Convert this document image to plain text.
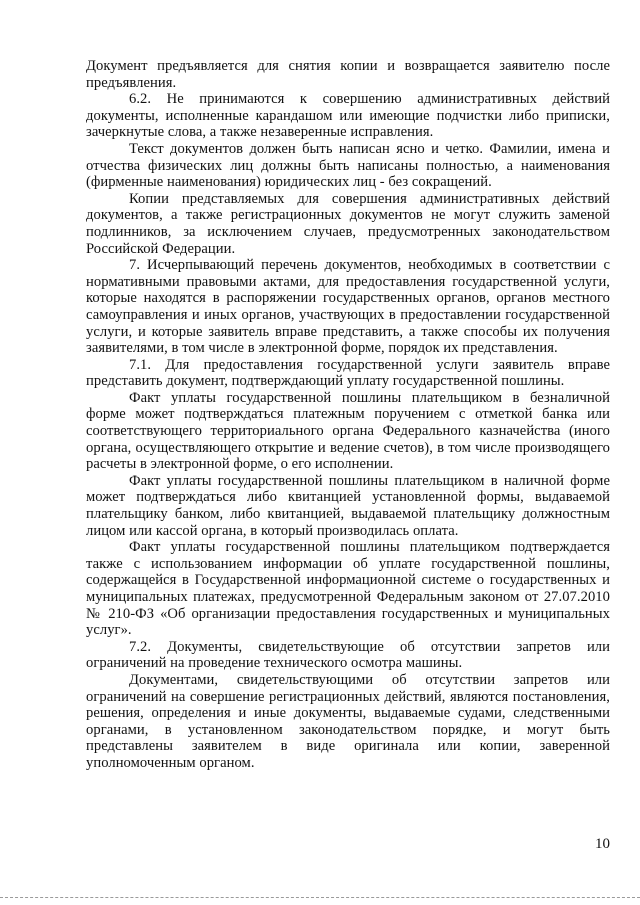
Документ предъявляется для снятия копии и возвращается заявителю после предъявления.

6.2. Не принимаются к совершению административных действий документы, исполненные карандашом или имеющие подчистки либо приписки, зачеркнутые слова, а также незаверенные исправления.

Текст документов должен быть написан ясно и четко. Фамилии, имена и отчества физических лиц должны быть написаны полностью, а наименования (фирменные наименования) юридических лиц - без сокращений.

Копии представляемых для совершения административных действий документов, а также регистрационных документов не могут служить заменой подлинников, за исключением случаев, предусмотренных законодательством Российской Федерации.

7. Исчерпывающий перечень документов, необходимых в соответствии с нормативными правовыми актами, для предоставления государственной услуги, которые находятся в распоряжении государственных органов, органов местного самоуправления и иных органов, участвующих в предоставлении государственной услуги, и которые заявитель вправе представить, а также способы их получения заявителями, в том числе в электронной форме, порядок их представления.

7.1. Для предоставления государственной услуги заявитель вправе представить документ, подтверждающий уплату государственной пошлины.

Факт уплаты государственной пошлины плательщиком в безналичной форме может подтверждаться платежным поручением с отметкой банка или соответствующего территориального органа Федерального казначейства (иного органа, осуществляющего открытие и ведение счетов), в том числе производящего расчеты в электронной форме, о его исполнении.

Факт уплаты государственной пошлины плательщиком в наличной форме может подтверждаться либо квитанцией установленной формы, выдаваемой плательщику банком, либо квитанцией, выдаваемой плательщику должностным лицом или кассой органа, в который производилась оплата.

Факт уплаты государственной пошлины плательщиком подтверждается также с использованием информации об уплате государственной пошлины, содержащейся в Государственной информационной системе о государственных и муниципальных платежах, предусмотренной Федеральным законом от 27.07.2010 № 210-ФЗ «Об организации предоставления государственных и муниципальных услуг».

7.2. Документы, свидетельствующие об отсутствии запретов или ограничений на проведение технического осмотра машины.

Документами, свидетельствующими об отсутствии запретов или ограничений на совершение регистрационных действий, являются постановления, решения, определения и иные документы, выдаваемые судами, следственными органами, в установленном законодательством порядке, и могут быть представлены заявителем в виде оригинала или копии, заверенной уполномоченным органом.

10
